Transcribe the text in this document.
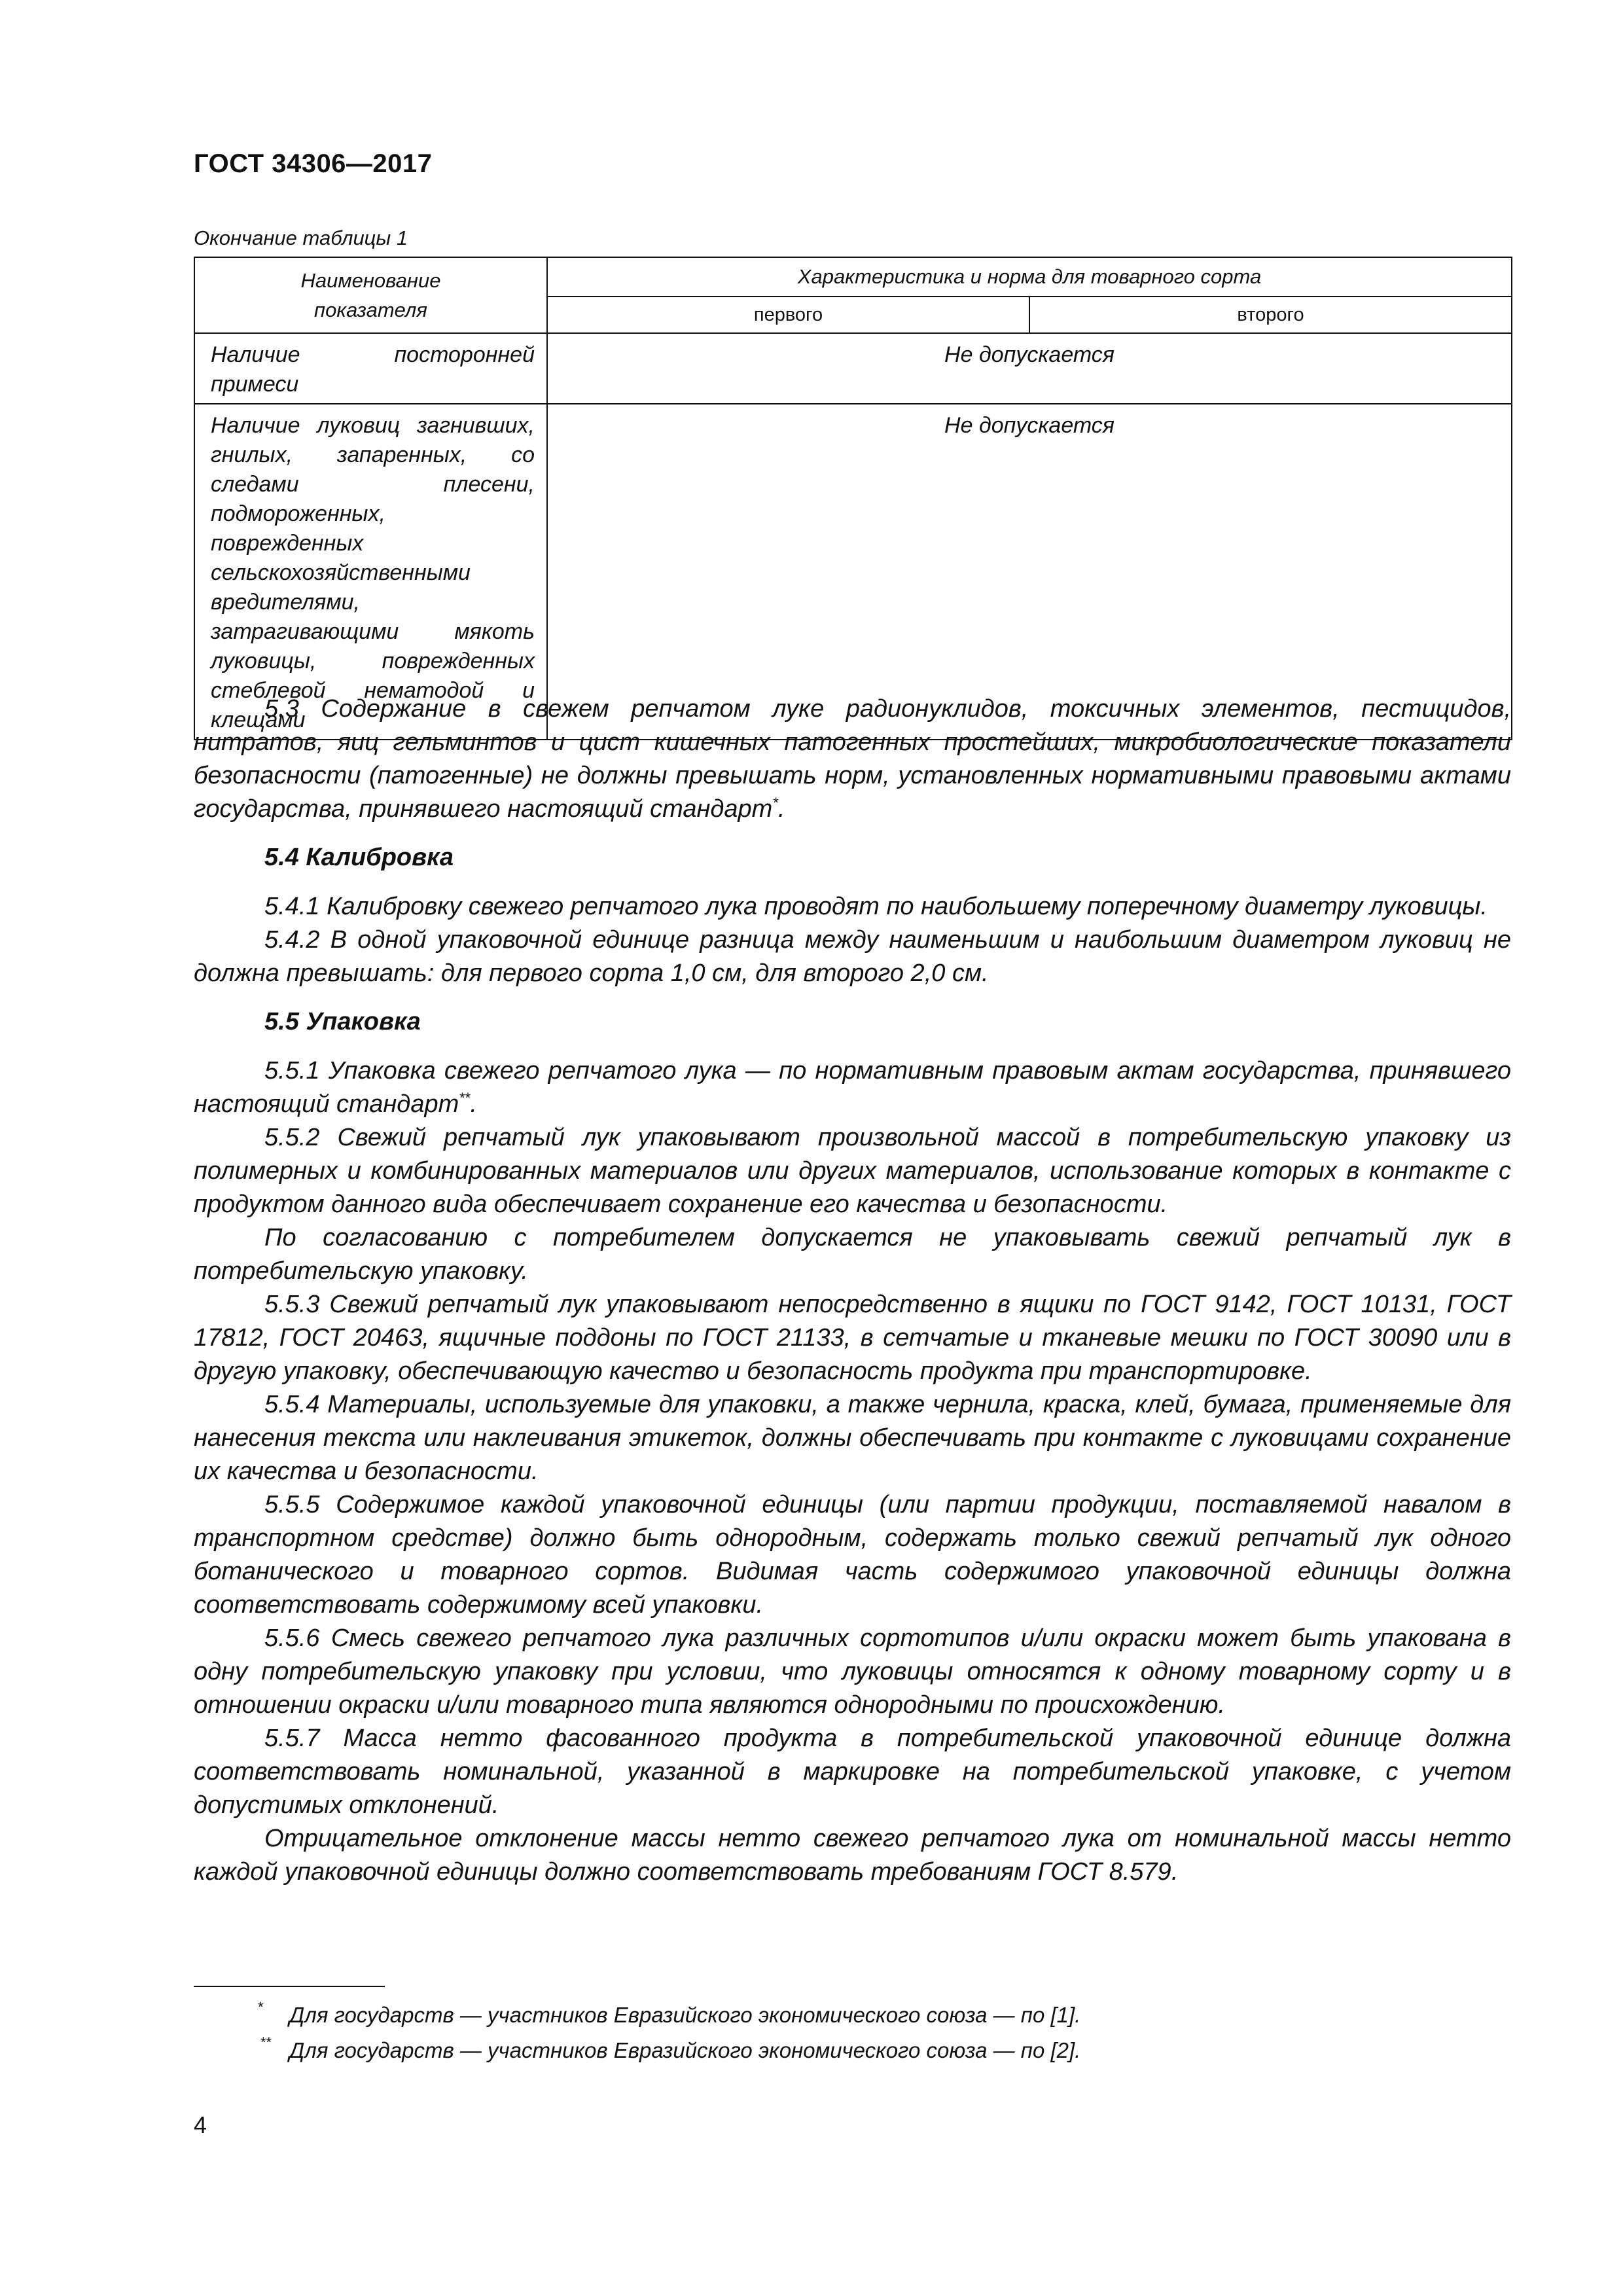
ГОСТ 34306—2017
Окончание таблицы 1
Наименование показателя	Характеристика и норма для товарного сорта	
	первого	второго
Наличие посторонней примеси	Не допускается	
Наличие луковиц загнивших, гнилых, запаренных, со следами плесени, подмороженных, поврежденных сельскохозяйственными вредителями, затрагивающими мякоть луковицы, поврежденных стеблевой нематодой и клещами	Не допускается	

5.3 Содержание в свежем репчатом луке радионуклидов, токсичных элементов, пестицидов, нитратов, яиц гельминтов и цист кишечных патогенных простейших, микробиологические показатели безопасности (патогенные) не должны превышать норм, установленных нормативными правовыми актами государства, принявшего настоящий стандарт*.

5.4 Калибровка

5.4.1 Калибровку свежего репчатого лука проводят по наибольшему поперечному диаметру луковицы.

5.4.2 В одной упаковочной единице разница между наименьшим и наибольшим диаметром луковиц не должна превышать: для первого сорта 1,0 см, для второго 2,0 см.

5.5 Упаковка

5.5.1 Упаковка свежего репчатого лука — по нормативным правовым актам государства, принявшего настоящий стандарт**.

5.5.2 Свежий репчатый лук упаковывают произвольной массой в потребительскую упаковку из полимерных и комбинированных материалов или других материалов, использование которых в контакте с продуктом данного вида обеспечивает сохранение его качества и безопасности.

По согласованию с потребителем допускается не упаковывать свежий репчатый лук в потребительскую упаковку.

5.5.3 Свежий репчатый лук упаковывают непосредственно в ящики по ГОСТ 9142, ГОСТ 10131, ГОСТ 17812, ГОСТ 20463, ящичные поддоны по ГОСТ 21133, в сетчатые и тканевые мешки по ГОСТ 30090 или в другую упаковку, обеспечивающую качество и безопасность продукта при транспортировке.

5.5.4 Материалы, используемые для упаковки, а также чернила, краска, клей, бумага, применяемые для нанесения текста или наклеивания этикеток, должны обеспечивать при контакте с луковицами сохранение их качества и безопасности.

5.5.5 Содержимое каждой упаковочной единицы (или партии продукции, поставляемой навалом в транспортном средстве) должно быть однородным, содержать только свежий репчатый лук одного ботанического и товарного сортов. Видимая часть содержимого упаковочной единицы должна соответствовать содержимому всей упаковки.

5.5.6 Смесь свежего репчатого лука различных сортотипов и/или окраски может быть упакована в одну потребительскую упаковку при условии, что луковицы относятся к одному товарному сорту и в отношении окраски и/или товарного типа являются однородными по происхождению.

5.5.7 Масса нетто фасованного продукта в потребительской упаковочной единице должна соответствовать номинальной, указанной в маркировке на потребительской упаковке, с учетом допустимых отклонений.

Отрицательное отклонение массы нетто свежего репчатого лука от номинальной массы нетто каждой упаковочной единицы должно соответствовать требованиям ГОСТ 8.579.

* Для государств — участников Евразийского экономического союза — по [1].
** Для государств — участников Евразийского экономического союза — по [2].
4
